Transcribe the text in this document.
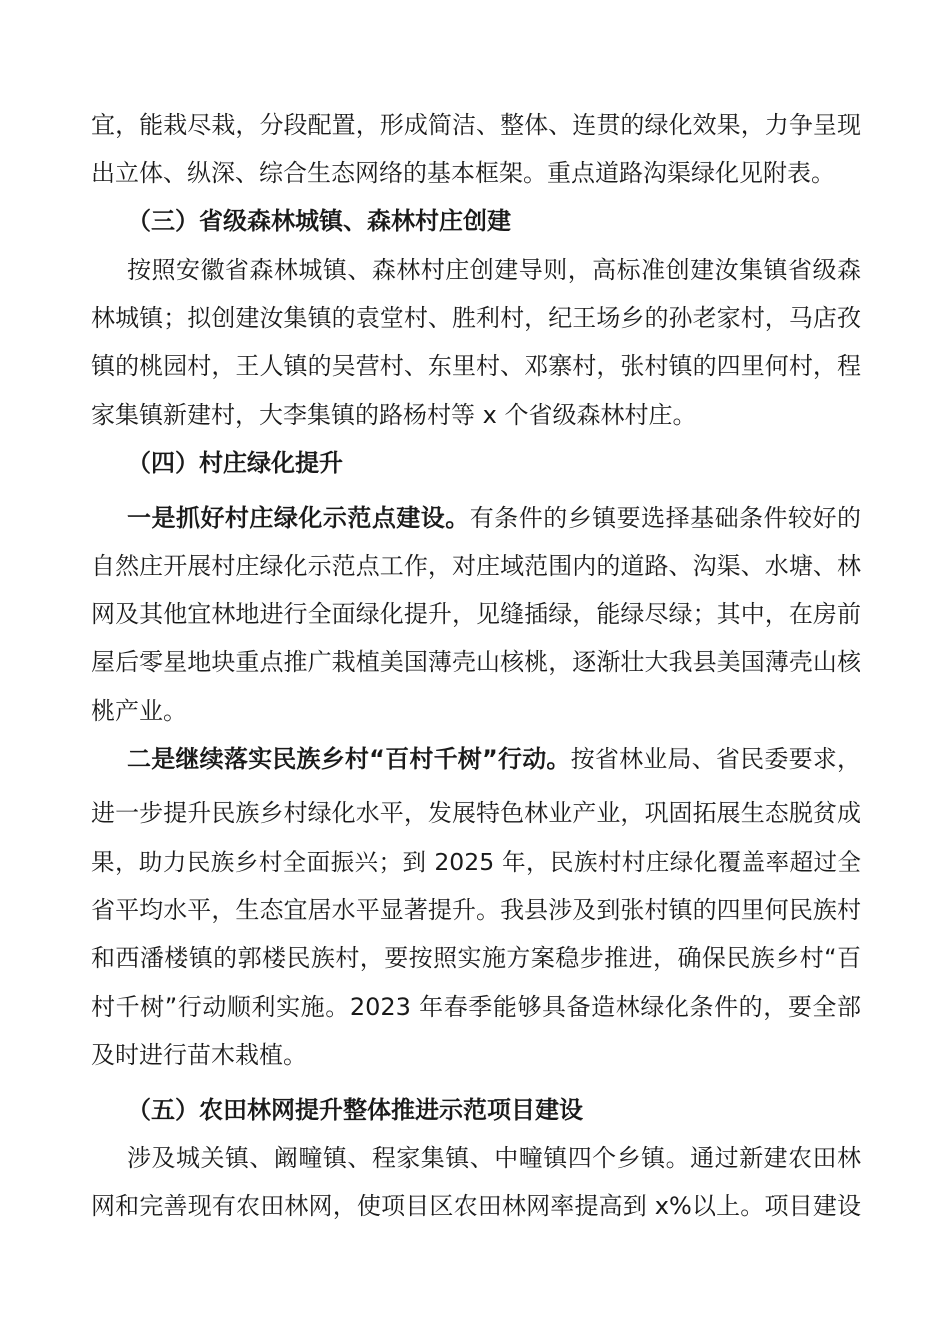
宜，能栽尽栽，分段配置，形成简洁、整体、连贯的绿化效果，力争呈现
出立体、纵深、综合生态网络的基本框架。重点道路沟渠绿化见附表。
（三）省级森林城镇、森林村庄创建
按照安徽省森林城镇、森林村庄创建导则，高标准创建汝集镇省级森
林城镇；拟创建汝集镇的袁堂村、胜利村，纪王场乡的孙老家村，马店孜
镇的桃园村，王人镇的吴营村、东里村、邓寨村，张村镇的四里何村，程
家集镇新建村，大李集镇的路杨村等 x 个省级森林村庄。
（四）村庄绿化提升
一是抓好村庄绿化示范点建设。有条件的乡镇要选择基础条件较好的
自然庄开展村庄绿化示范点工作，对庄域范围内的道路、沟渠、水塘、林
网及其他宜林地进行全面绿化提升，见缝插绿，能绿尽绿；其中，在房前
屋后零星地块重点推广栽植美国薄壳山核桃，逐渐壮大我县美国薄壳山核
桃产业。
二是继续落实民族乡村“百村千树”行动。按省林业局、省民委要求，
进一步提升民族乡村绿化水平，发展特色林业产业，巩固拓展生态脱贫成
果，助力民族乡村全面振兴；到 2025 年，民族村村庄绿化覆盖率超过全
省平均水平，生态宜居水平显著提升。我县涉及到张村镇的四里何民族村
和西潘楼镇的郭楼民族村，要按照实施方案稳步推进，确保民族乡村“百
村千树”行动顺利实施。2023 年春季能够具备造林绿化条件的，要全部
及时进行苗木栽植。
（五）农田林网提升整体推进示范项目建设
涉及城关镇、阚疃镇、程家集镇、中疃镇四个乡镇。通过新建农田林
网和完善现有农田林网，使项目区农田林网率提高到 x%以上。项目建设
